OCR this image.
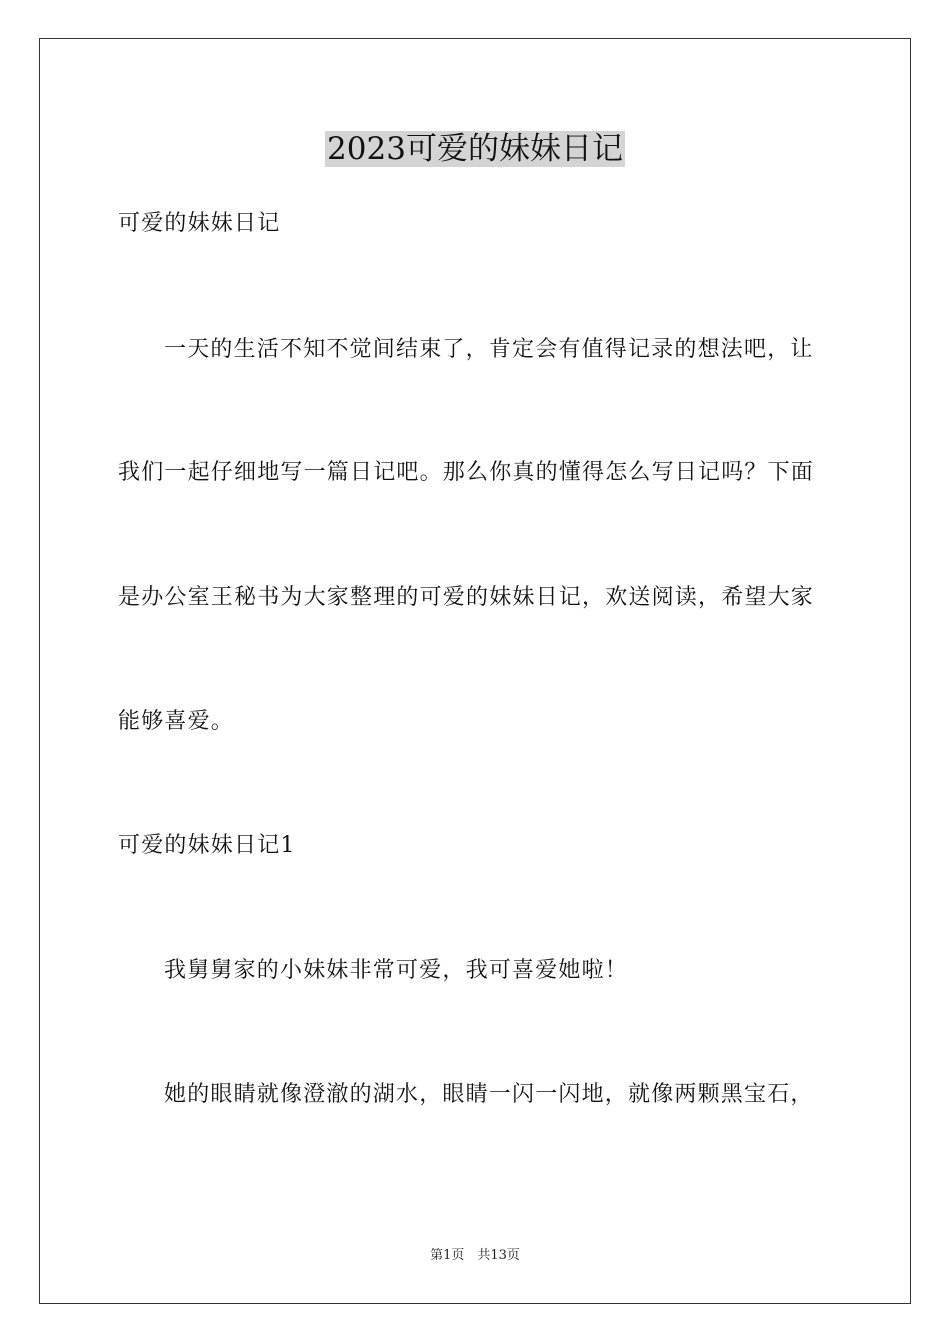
2023可爱的妹妹日记
可爱的妹妹日记
一天的生活不知不觉间结束了，肯定会有值得记录的想法吧，让
我们一起仔细地写一篇日记吧。那么你真的懂得怎么写日记吗？下面
是办公室王秘书为大家整理的可爱的妹妹日记，欢送阅读，希望大家
能够喜爱。
可爱的妹妹日记1
我舅舅家的小妹妹非常可爱，我可喜爱她啦！
她的眼睛就像澄澈的湖水，眼睛一闪一闪地，就像两颗黑宝石，
第1页　共13页
